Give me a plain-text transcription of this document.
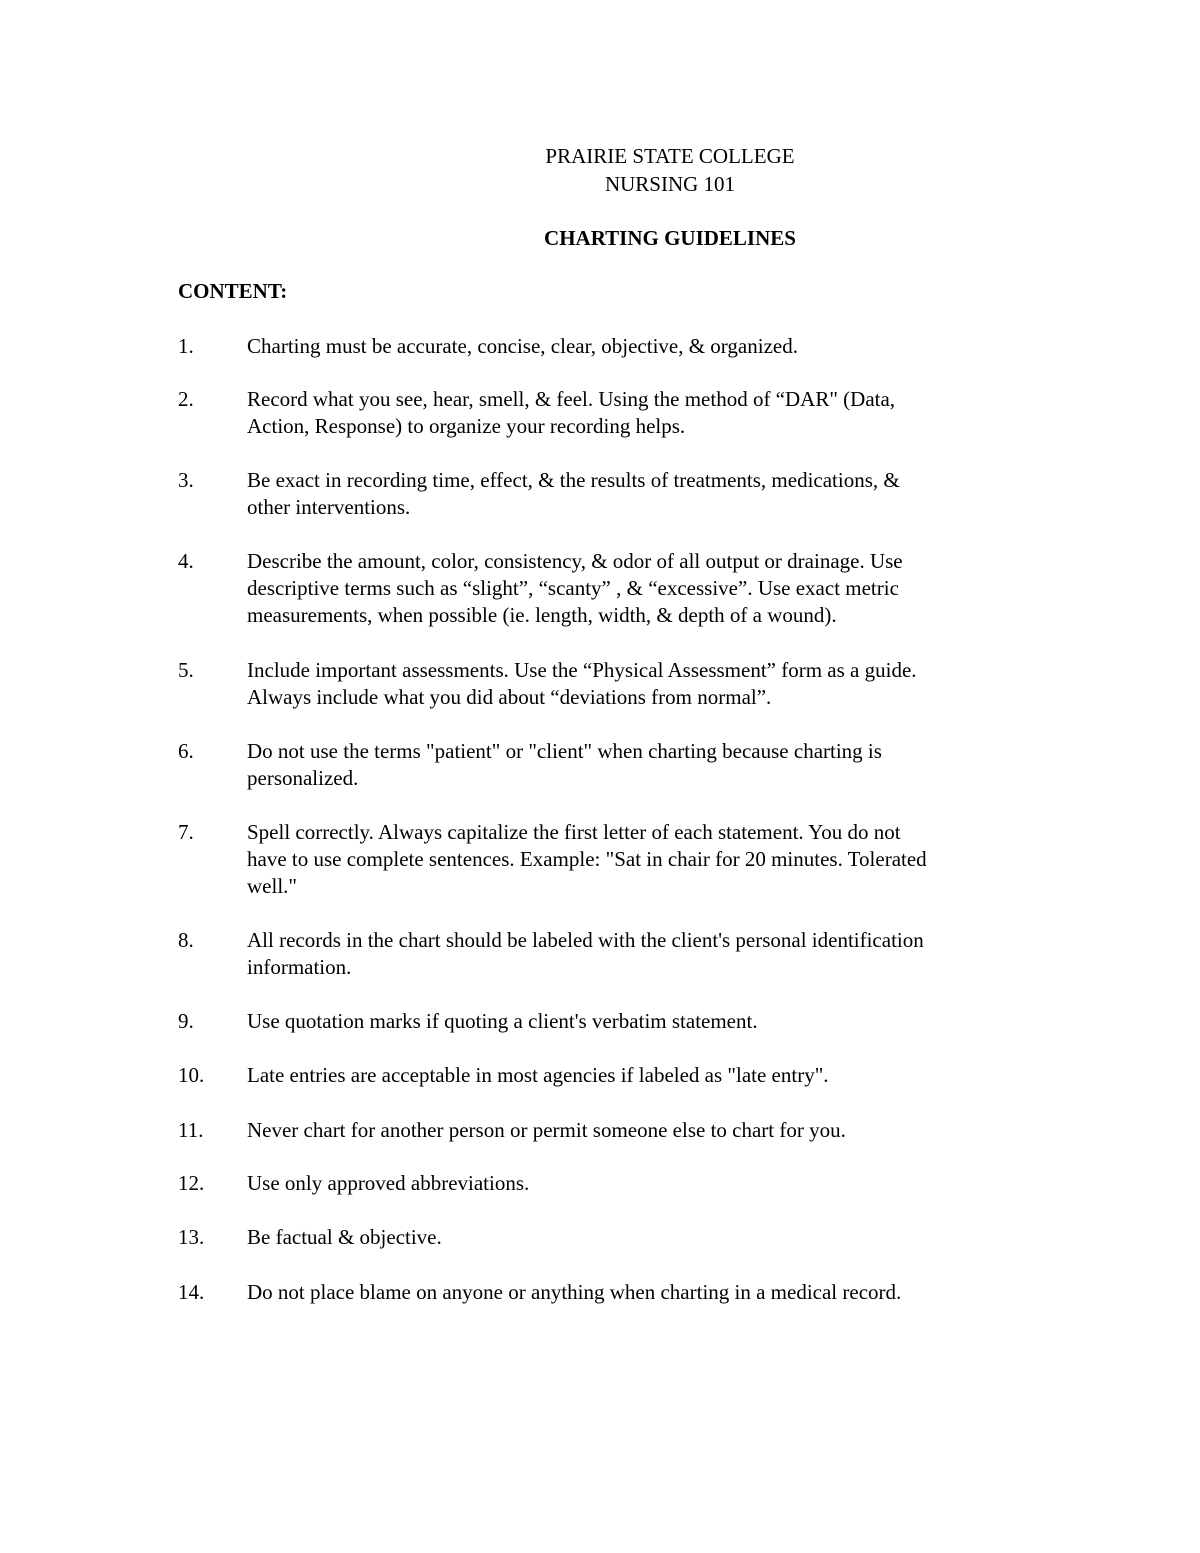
PRAIRIE STATE COLLEGE
NURSING 101
CHARTING GUIDELINES
CONTENT:
1.	Charting must be accurate, concise, clear, objective, & organized.
2.	Record what you see, hear, smell, & feel. Using the method of “DAR" (Data,
Action, Response) to organize your recording helps.
3.	Be exact in recording time, effect, & the results of treatments, medications, &
other interventions.
4.	Describe the amount, color, consistency, & odor of all output or drainage. Use
descriptive terms such as “slight”, “scanty” , & “excessive”. Use exact metric
measurements, when possible (ie. length, width, & depth of a wound).
5.	Include important assessments. Use the “Physical Assessment” form as a guide.
Always include what you did about “deviations from normal”.
6.	Do not use the terms "patient" or "client" when charting because charting is
personalized.
7.	Spell correctly. Always capitalize the first letter of each statement. You do not
have to use complete sentences. Example: "Sat in chair for 20 minutes. Tolerated
well."
8.	All records in the chart should be labeled with the client's personal identification
information.
9.	Use quotation marks if quoting a client's verbatim statement.
10.	Late entries are acceptable in most agencies if labeled as "late entry".
11.	Never chart for another person or permit someone else to chart for you.
12.	Use only approved abbreviations.
13.	Be factual & objective.
14.	Do not place blame on anyone or anything when charting in a medical record.
